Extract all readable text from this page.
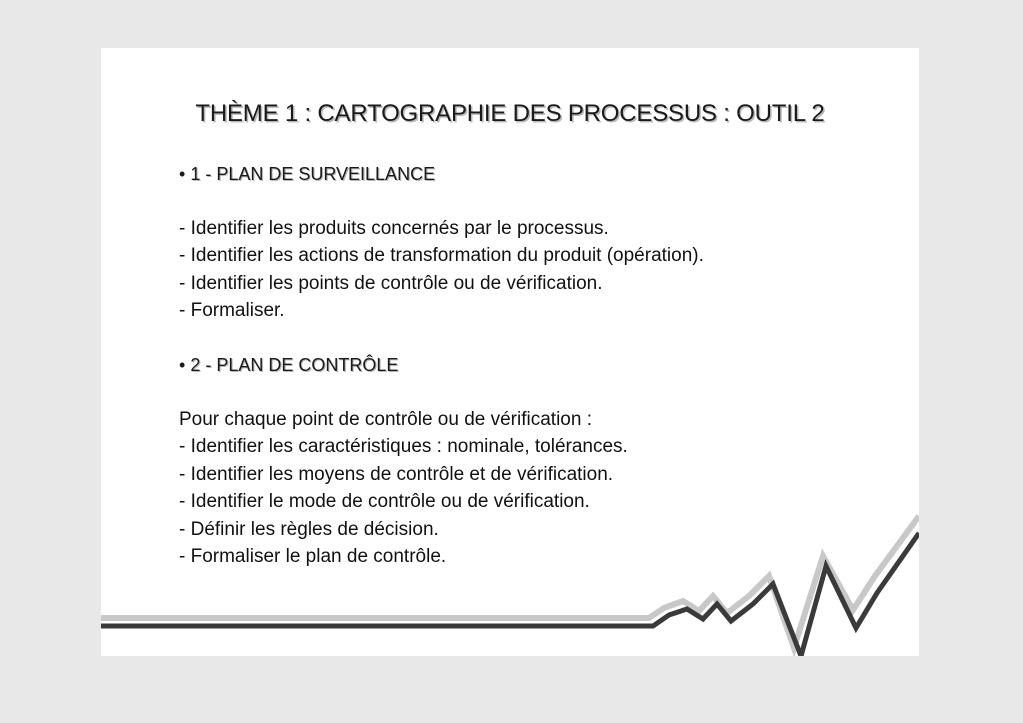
THÈME 1 : CARTOGRAPHIE DES PROCESSUS : OUTIL 2
• 1 - PLAN DE SURVEILLANCE
- Identifier les produits concernés par le processus.
- Identifier les actions de transformation du produit (opération).
- Identifier les points de contrôle ou de vérification.
- Formaliser.
• 2 - PLAN DE CONTRÔLE
Pour chaque point de contrôle ou de vérification :
- Identifier les caractéristiques : nominale, tolérances.
- Identifier les moyens de contrôle et de vérification.
- Identifier le mode de contrôle ou de vérification.
- Définir les règles de décision.
- Formaliser le plan de contrôle.
